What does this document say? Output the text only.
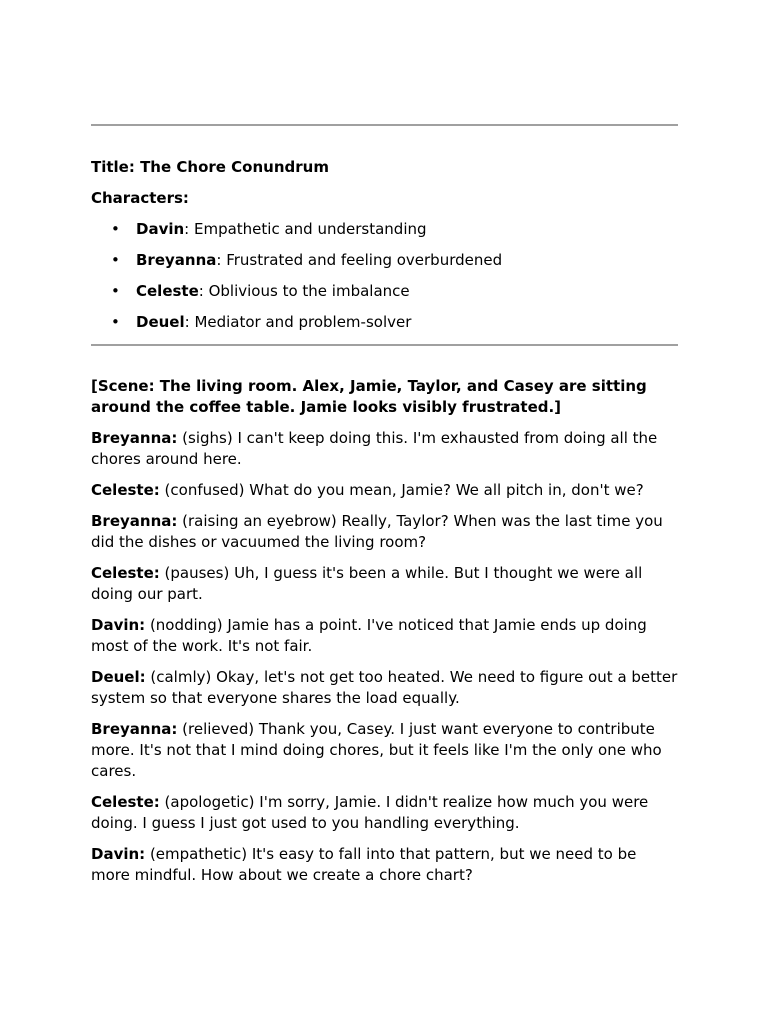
Title: The Chore Conundrum
Characters:
• Davin: Empathetic and understanding
• Breyanna: Frustrated and feeling overburdened
• Celeste: Oblivious to the imbalance
• Deuel: Mediator and problem-solver
[Scene: The living room. Alex, Jamie, Taylor, and Casey are sitting around the coffee table. Jamie looks visibly frustrated.]
Breyanna: (sighs) I can't keep doing this. I'm exhausted from doing all the chores around here.
Celeste: (confused) What do you mean, Jamie? We all pitch in, don't we?
Breyanna: (raising an eyebrow) Really, Taylor? When was the last time you did the dishes or vacuumed the living room?
Celeste: (pauses) Uh, I guess it's been a while. But I thought we were all doing our part.
Davin: (nodding) Jamie has a point. I've noticed that Jamie ends up doing most of the work. It's not fair.
Deuel: (calmly) Okay, let's not get too heated. We need to figure out a better system so that everyone shares the load equally.
Breyanna: (relieved) Thank you, Casey. I just want everyone to contribute more. It's not that I mind doing chores, but it feels like I'm the only one who cares.
Celeste: (apologetic) I'm sorry, Jamie. I didn't realize how much you were doing. I guess I just got used to you handling everything.
Davin: (empathetic) It's easy to fall into that pattern, but we need to be more mindful. How about we create a chore chart?
